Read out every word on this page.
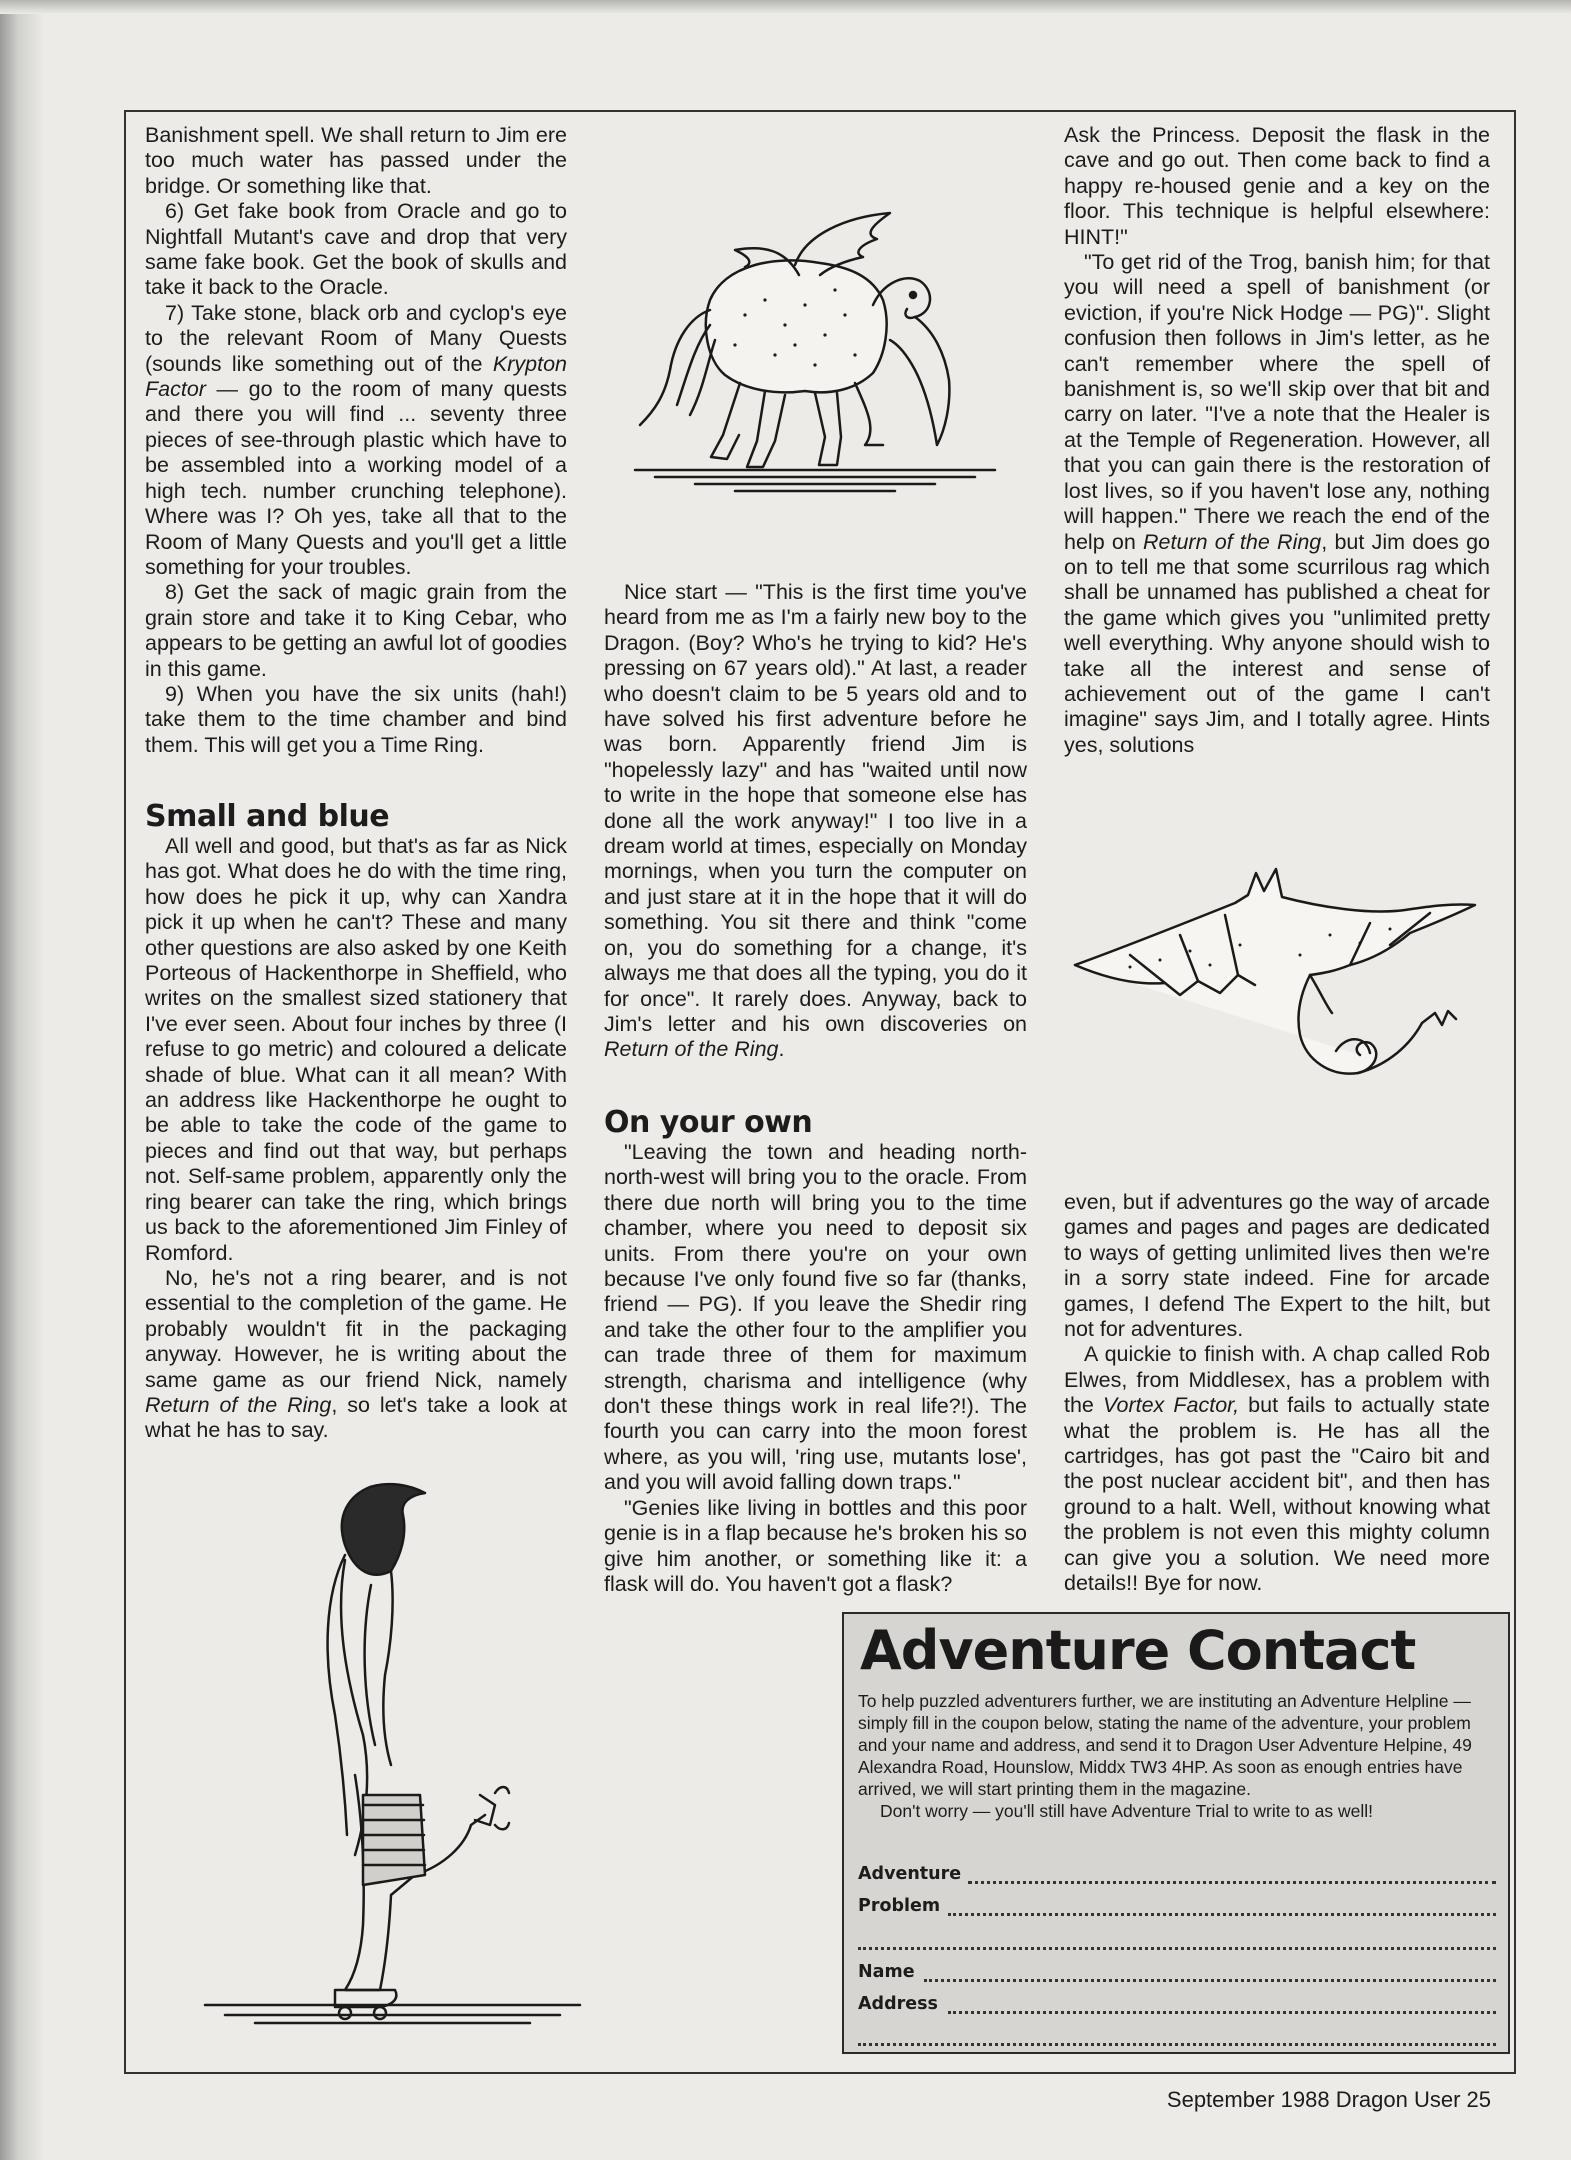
Banishment spell. We shall return to Jim ere too much water has passed under the bridge. Or something like that.

6) Get fake book from Oracle and go to Nightfall Mutant's cave and drop that very same fake book. Get the book of skulls and take it back to the Oracle.

7) Take stone, black orb and cyclop's eye to the relevant Room of Many Quests (sounds like something out of the Krypton Factor — go to the room of many quests and there you will find ... seventy three pieces of see-through plastic which have to be assembled into a working model of a high tech. number crunching telephone). Where was I? Oh yes, take all that to the Room of Many Quests and you'll get a little something for your troubles.

8) Get the sack of magic grain from the grain store and take it to King Cebar, who appears to be getting an awful lot of goodies in this game.

9) When you have the six units (hah!) take them to the time chamber and bind them. This will get you a Time Ring.

Small and blue

All well and good, but that's as far as Nick has got. What does he do with the time ring, how does he pick it up, why can Xandra pick it up when he can't? These and many other questions are also asked by one Keith Porteous of Hackenthorpe in Sheffield, who writes on the smallest sized stationery that I've ever seen. About four inches by three (I refuse to go metric) and coloured a delicate shade of blue. What can it all mean? With an address like Hackenthorpe he ought to be able to take the code of the game to pieces and find out that way, but perhaps not. Self-same problem, apparently only the ring bearer can take the ring, which brings us back to the aforementioned Jim Finley of Romford.

No, he's not a ring bearer, and is not essential to the completion of the game. He probably wouldn't fit in the packaging anyway. However, he is writing about the same game as our friend Nick, namely Return of the Ring, so let's take a look at what he has to say.

Nice start — "This is the first time you've heard from me as I'm a fairly new boy to the Dragon. (Boy? Who's he trying to kid? He's pressing on 67 years old)." At last, a reader who doesn't claim to be 5 years old and to have solved his first adventure before he was born. Apparently friend Jim is "hopelessly lazy" and has "waited until now to write in the hope that someone else has done all the work anyway!" I too live in a dream world at times, especially on Monday mornings, when you turn the computer on and just stare at it in the hope that it will do something. You sit there and think "come on, you do something for a change, it's always me that does all the typing, you do it for once". It rarely does. Anyway, back to Jim's letter and his own discoveries on Return of the Ring.

On your own

"Leaving the town and heading north-north-west will bring you to the oracle. From there due north will bring you to the time chamber, where you need to deposit six units. From there you're on your own because I've only found five so far (thanks, friend — PG). If you leave the Shedir ring and take the other four to the amplifier you can trade three of them for maximum strength, charisma and intelligence (why don't these things work in real life?!). The fourth you can carry into the moon forest where, as you will, 'ring use, mutants lose', and you will avoid falling down traps."

"Genies like living in bottles and this poor genie is in a flap because he's broken his so give him another, or something like it: a flask will do. You haven't got a flask?

Ask the Princess. Deposit the flask in the cave and go out. Then come back to find a happy re-housed genie and a key on the floor. This technique is helpful elsewhere: HINT!"

"To get rid of the Trog, banish him; for that you will need a spell of banishment (or eviction, if you're Nick Hodge — PG)". Slight confusion then follows in Jim's letter, as he can't remember where the spell of banishment is, so we'll skip over that bit and carry on later. "I've a note that the Healer is at the Temple of Regeneration. However, all that you can gain there is the restoration of lost lives, so if you haven't lose any, nothing will happen." There we reach the end of the help on Return of the Ring, but Jim does go on to tell me that some scurrilous rag which shall be unnamed has published a cheat for the game which gives you "unlimited pretty well everything. Why anyone should wish to take all the interest and sense of achievement out of the game I can't imagine" says Jim, and I totally agree. Hints yes, solutions

even, but if adventures go the way of arcade games and pages and pages are dedicated to ways of getting unlimited lives then we're in a sorry state indeed. Fine for arcade games, I defend The Expert to the hilt, but not for adventures.

A quickie to finish with. A chap called Rob Elwes, from Middlesex, has a problem with the Vortex Factor, but fails to actually state what the problem is. He has all the cartridges, has got past the "Cairo bit and the post nuclear accident bit", and then has ground to a halt. Well, without knowing what the problem is not even this mighty column can give you a solution. We need more details!! Bye for now.

Adventure Contact

To help puzzled adventurers further, we are instituting an Adventure Helpline — simply fill in the coupon below, stating the name of the adventure, your problem and your name and address, and send it to Dragon User Adventure Helpine, 49 Alexandra Road, Hounslow, Middx TW3 4HP. As soon as enough entries have arrived, we will start printing them in the magazine.

Don't worry — you'll still have Adventure Trial to write to as well!

Adventure
Problem
Name
Address
September 1988 Dragon User 25
